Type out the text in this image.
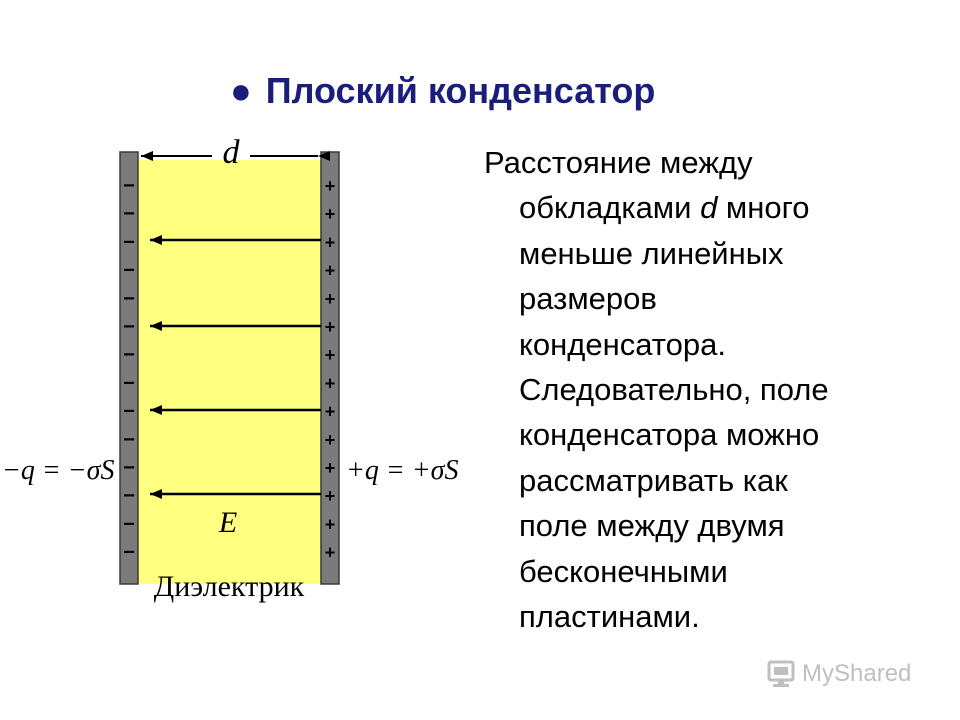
● Плоский конденсатор
Расстояние между
обкладками d много
меньше линейных
размеров
конденсатора.
Следовательно, поле
конденсатора можно
рассматривать как
поле между двумя
бесконечными
пластинами.
−
−
−
−
−
−
−
−
−
−
−
−
−
−
+
+
+
+
+
+
+
+
+
+
+
+
+
+
d
E
Диэлектрик
−q = −σS	+q = +σS
MyShared
